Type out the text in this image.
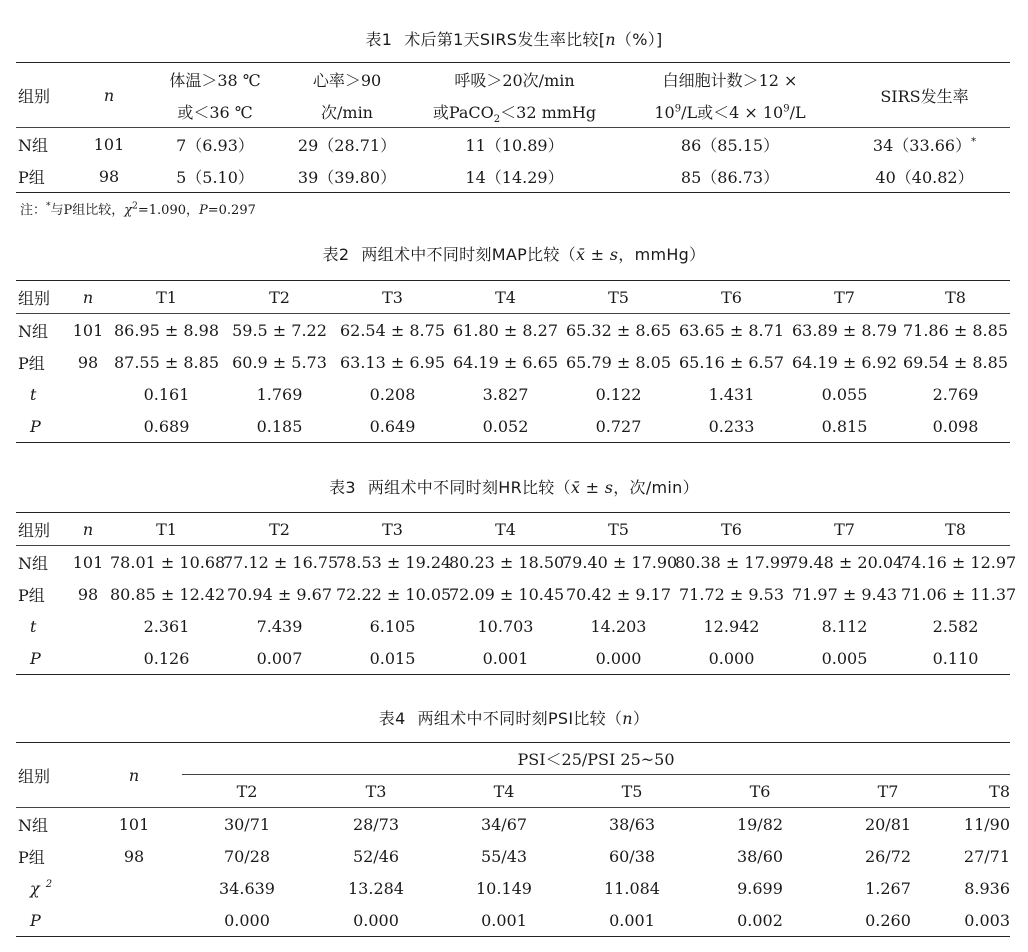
表1 术后第1天SIRS发生率比较[n（%）]
组别	n	体温＞38 ℃	心率＞90	呼吸＞20次/min	白细胞计数＞12 ×	SIRS发生率
		或＜36 ℃	次/min	或PaCO$_2$＜32 mmHg	$10^9/L$或$<4 \times 10^9/L$	
N组	101	7（6.93）	29（28.71）	11（10.89）	86（85.15）	34（33.66）*
P组	98	5（5.10）	39（39.80）	14（14.29）	85（86.73）	40（40.82）
注：*与P组比较，$\chi^2=1.090$，P=0.297
表2 两组术中不同时刻MAP比较（x̄ ± s，mmHg）
组别	n	T1	T2	T3	T4	T5	T6	T7	T8
N组	101	86.95 ± 8.98	59.5 ± 7.22	62.54 ± 8.75	61.80 ± 8.27	65.32 ± 8.65	63.65 ± 8.71	63.89 ± 8.79	71.86 ± 8.85
P组	98	87.55 ± 8.85	60.9 ± 5.73	63.13 ± 6.95	64.19 ± 6.65	65.79 ± 8.05	65.16 ± 6.57	64.19 ± 6.92	69.54 ± 8.85
t		0.161	1.769	0.208	3.827	0.122	1.431	0.055	2.769
P		0.689	0.185	0.649	0.052	0.727	0.233	0.815	0.098
表3 两组术中不同时刻HR比较（x̄ ± s，次/min）
组别	n	T1	T2	T3	T4	T5	T6	T7	T8
N组	101	78.01 ± 10.68	77.12 ± 16.75	78.53 ± 19.24	80.23 ± 18.50	79.40 ± 17.90	80.38 ± 17.99	79.48 ± 20.04	74.16 ± 12.97
P组	98	80.85 ± 12.42	70.94 ± 9.67	72.22 ± 10.05	72.09 ± 10.45	70.42 ± 9.17	71.72 ± 9.53	71.97 ± 9.43	71.06 ± 11.37
t		2.361	7.439	6.105	10.703	14.203	12.942	8.112	2.582
P		0.126	0.007	0.015	0.001	0.000	0.000	0.005	0.110
表4 两组术中不同时刻PSI比较（n）
组别	n	PSI＜25/PSI 25~50						
		T2	T3	T4	T5	T6	T7	T8
N组	101	30/71	28/73	34/67	38/63	19/82	20/81	11/90
P组	98	70/28	52/46	55/43	60/38	38/60	26/72	27/71
χ $^2$		34.639	13.284	10.149	11.084	9.699	1.267	8.936
P		0.000	0.000	0.001	0.001	0.002	0.260	0.003
